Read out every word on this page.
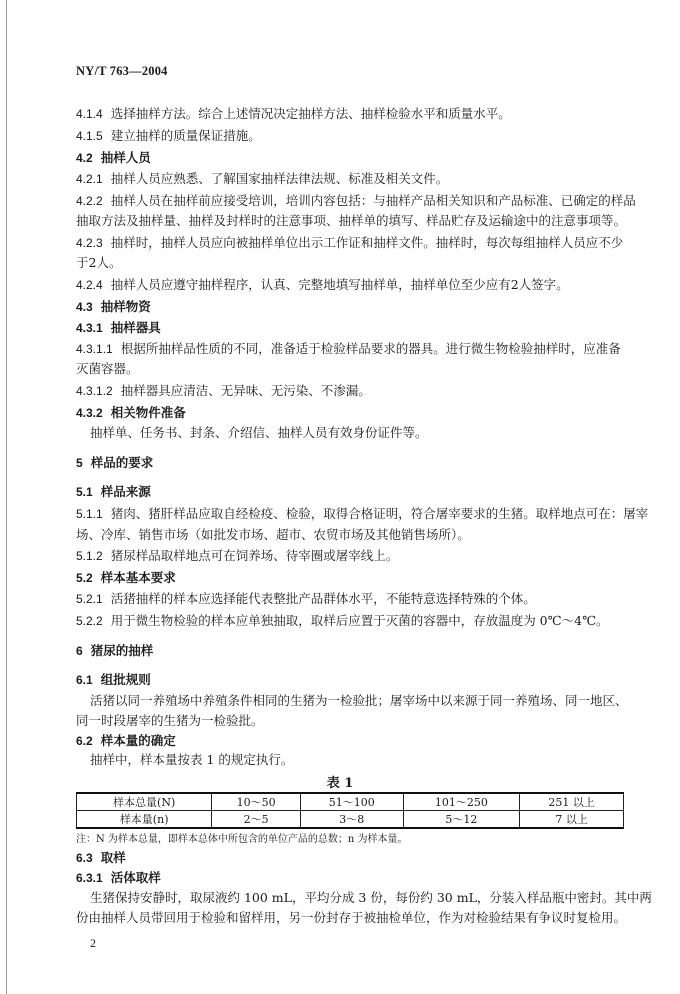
NY/T 763—2004
4.1.4 选择抽样方法。综合上述情况决定抽样方法、抽样检验水平和质量水平。
4.1.5 建立抽样的质量保证措施。
4.2 抽样人员
4.2.1 抽样人员应熟悉、了解国家抽样法律法规、标准及相关文件。
4.2.2 抽样人员在抽样前应接受培训，培训内容包括：与抽样产品相关知识和产品标准、已确定的样品
抽取方法及抽样量、抽样及封样时的注意事项、抽样单的填写、样品贮存及运输途中的注意事项等。
4.2.3 抽样时，抽样人员应向被抽样单位出示工作证和抽样文件。抽样时，每次每组抽样人员应不少
于2人。
4.2.4 抽样人员应遵守抽样程序，认真、完整地填写抽样单，抽样单位至少应有2人签字。
4.3 抽样物资
4.3.1 抽样器具
4.3.1.1 根据所抽样品性质的不同，准备适于检验样品要求的器具。进行微生物检验抽样时，应准备
灭菌容器。
4.3.1.2 抽样器具应清洁、无异味、无污染、不渗漏。
4.3.2 相关物件准备
抽样单、任务书、封条、介绍信、抽样人员有效身份证件等。
5 样品的要求
5.1 样品来源
5.1.1 猪肉、猪肝样品应取自经检疫、检验，取得合格证明，符合屠宰要求的生猪。取样地点可在：屠宰
场、冷库、销售市场（如批发市场、超市、农贸市场及其他销售场所）。
5.1.2 猪尿样品取样地点可在饲养场、待宰圈或屠宰线上。
5.2 样本基本要求
5.2.1 活猪抽样的样本应选择能代表整批产品群体水平，不能特意选择特殊的个体。
5.2.2 用于微生物检验的样本应单独抽取，取样后应置于灭菌的容器中，存放温度为 0℃～4℃。
6 猪尿的抽样
6.1 组批规则
活猪以同一养殖场中养殖条件相同的生猪为一检验批；屠宰场中以来源于同一养殖场、同一地区、
同一时段屠宰的生猪为一检验批。
6.2 样本量的确定
抽样中，样本量按表 1 的规定执行。
表 1
样本总量(N)	10～50	51～100	101～250	251 以上
样本量(n)	2～5	3～8	5～12	7 以上
注：N 为样本总量，即样本总体中所包含的单位产品的总数；n 为样本量。
6.3 取样
6.3.1 活体取样
生猪保持安静时，取尿液约 100 mL，平均分成 3 份，每份约 30 mL，分装入样品瓶中密封。其中两
份由抽样人员带回用于检验和留样用，另一份封存于被抽检单位，作为对检验结果有争议时复检用。
2
